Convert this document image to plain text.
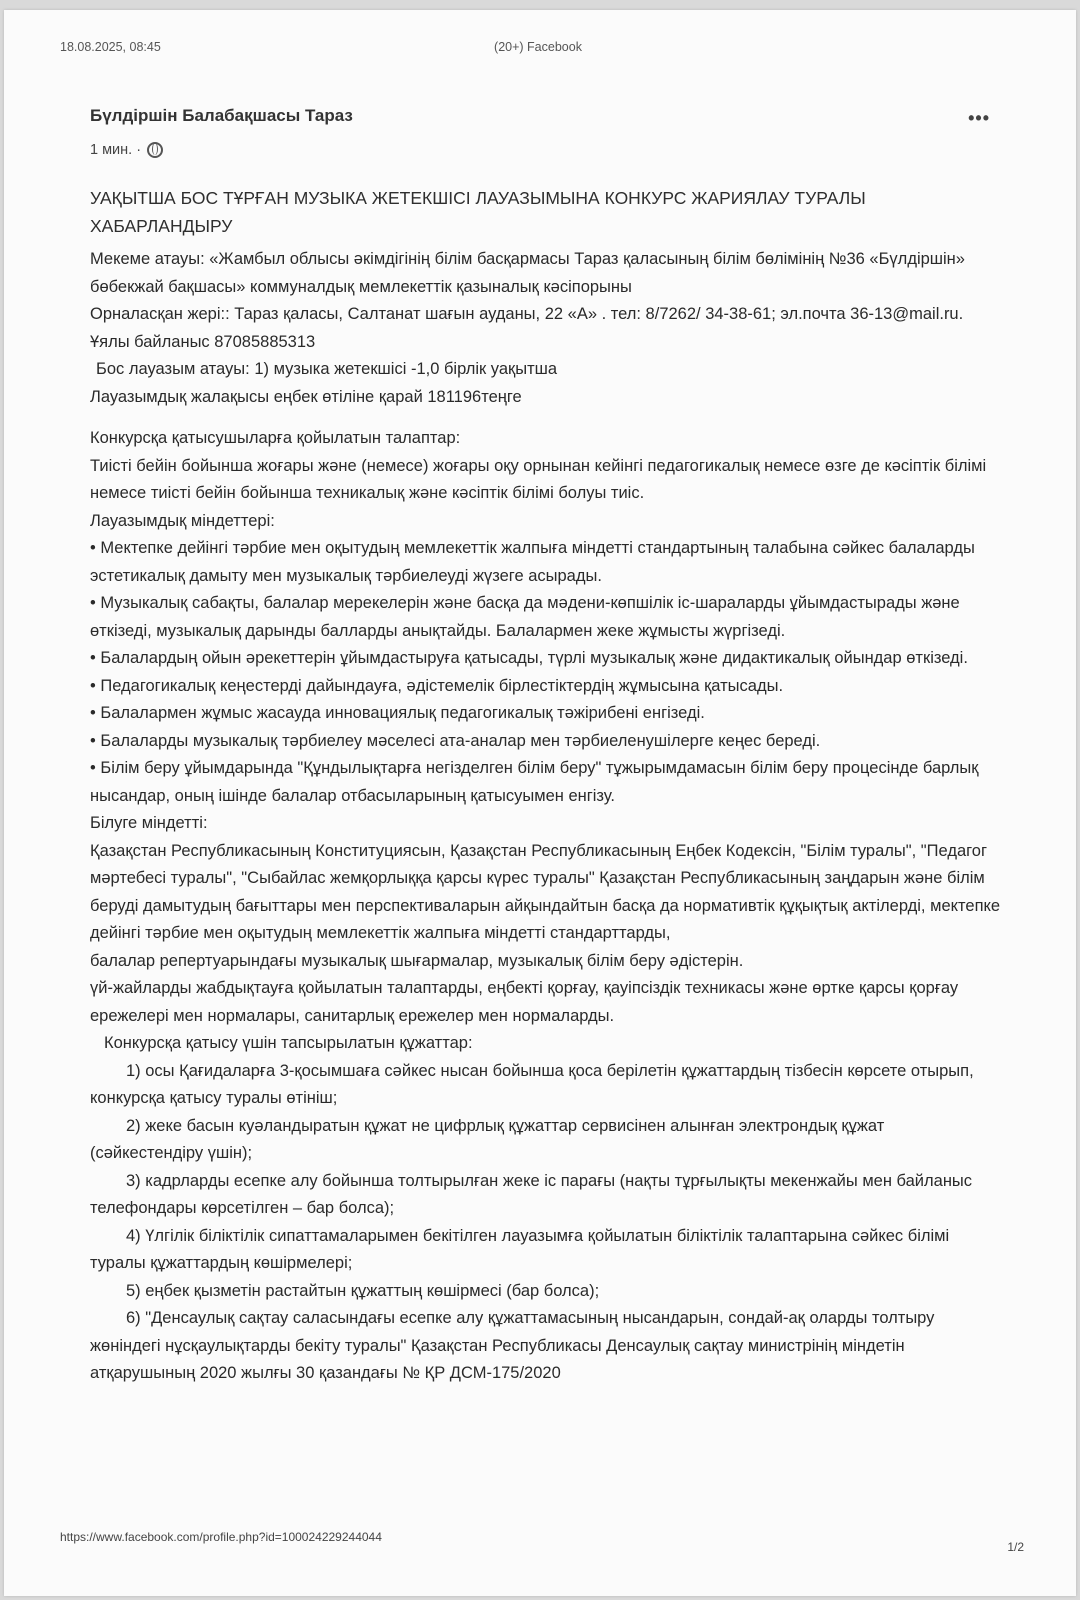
18.08.2025, 08:45	(20+) Facebook
Бүлдіршін Балабақшасы Тараз	•••
1 мин. ·
УАҚЫТША БОС ТҰРҒАН МУЗЫКА ЖЕТЕКШІСІ ЛАУАЗЫМЫНА КОНКУРС ЖАРИЯЛАУ ТУРАЛЫ ХАБАРЛАНДЫРУ

Мекеме атауы: «Жамбыл облысы әкімдігінің білім басқармасы Тараз қаласының білім бөлімінің №36 «Бүлдіршін» бөбекжай бақшасы» коммуналдық мемлекеттік қазыналық кәсіпорыны

Орналасқан жері:: Тараз қаласы, Салтанат шағын ауданы, 22 «А» . тел: 8/7262/ 34-38-61; эл.почта 36-13@mail.ru. Ұялы байланыс 87085885313

Бос лауазым атауы: 1) музыка жетекшісі -1,0 бірлік уақытша

Лауазымдық жалақысы еңбек өтіліне қарай 181196теңге

Конкурсқа қатысушыларға қойылатын талаптар:

Тиісті бейін бойынша жоғары және (немесе) жоғары оқу орнынан кейінгі педагогикалық немесе өзге де кәсіптік білімі немесе тиісті бейін бойынша техникалық және кәсіптік білімі болуы тиіс.

Лауазымдық міндеттері:

• Мектепке дейінгі тәрбие мен оқытудың мемлекеттік жалпыға міндетті стандартының талабына сәйкес балаларды эстетикалық дамыту мен музыкалық тәрбиелеуді жүзеге асырады.

• Музыкалық сабақты, балалар мерекелерін және басқа да мәдени-көпшілік іс-шараларды ұйымдастырады және өткізеді, музыкалық дарынды балларды анықтайды. Балалармен жеке жұмысты жүргізеді.

• Балалардың ойын әрекеттерін ұйымдастыруға қатысады, түрлі музыкалық және дидактикалық ойындар өткізеді.

• Педагогикалық кеңестерді дайындауға, әдістемелік бірлестіктердің жұмысына қатысады.

• Балалармен жұмыс жасауда инновациялық педагогикалық тәжірибені енгізеді.

• Балаларды музыкалық тәрбиелеу мәселесі ата-аналар мен тәрбиеленушілерге кеңес береді.

• Білім беру ұйымдарында "Құндылықтарға негізделген білім беру" тұжырымдамасын білім беру процесінде барлық нысандар, оның ішінде балалар отбасыларының қатысуымен енгізу.

Білуге міндетті:

Қазақстан Республикасының Конституциясын, Қазақстан Республикасының Еңбек Кодексін, "Білім туралы", "Педагог мәртебесі туралы", "Сыбайлас жемқорлыққа қарсы күрес туралы" Қазақстан Республикасының заңдарын және білім беруді дамытудың бағыттары мен перспективаларын айқындайтын басқа да нормативтік құқықтық актілерді, мектепке дейінгі тәрбие мен оқытудың мемлекеттік жалпыға міндетті стандарттарды,

балалар репертуарындағы музыкалық шығармалар, музыкалық білім беру әдістерін.

үй-жайларды жабдықтауға қойылатын талаптарды, еңбекті қорғау, қауіпсіздік техникасы және өртке қарсы қорғау ережелері мен нормалары, санитарлық ережелер мен нормаларды.

Конкурсқа қатысу үшін тапсырылатын құжаттар:

1) осы Қағидаларға 3-қосымшаға сәйкес нысан бойынша қоса берілетін құжаттардың тізбесін көрсете отырып, конкурсқа қатысу туралы өтініш;

2) жеке басын куәландыратын құжат не цифрлық құжаттар сервисінен алынған электрондық құжат (сәйкестендіру үшін);

3) кадрларды есепке алу бойынша толтырылған жеке іс парағы (нақты тұрғылықты мекенжайы мен байланыс телефондары көрсетілген – бар болса);

4) Үлгілік біліктілік сипаттамаларымен бекітілген лауазымға қойылатын біліктілік талаптарына сәйкес білімі туралы құжаттардың көшірмелері;

5) еңбек қызметін растайтын құжаттың көшірмесі (бар болса);

6) "Денсаулық сақтау саласындағы есепке алу құжаттамасының нысандарын, сондай-ақ оларды толтыру жөніндегі нұсқаулықтарды бекіту туралы" Қазақстан Республикасы Денсаулық сақтау министрінің міндетін атқарушының 2020 жылғы 30 қазандағы № ҚР ДСМ-175/2020

https://www.facebook.com/profile.php?id=100024229244044
1/2
